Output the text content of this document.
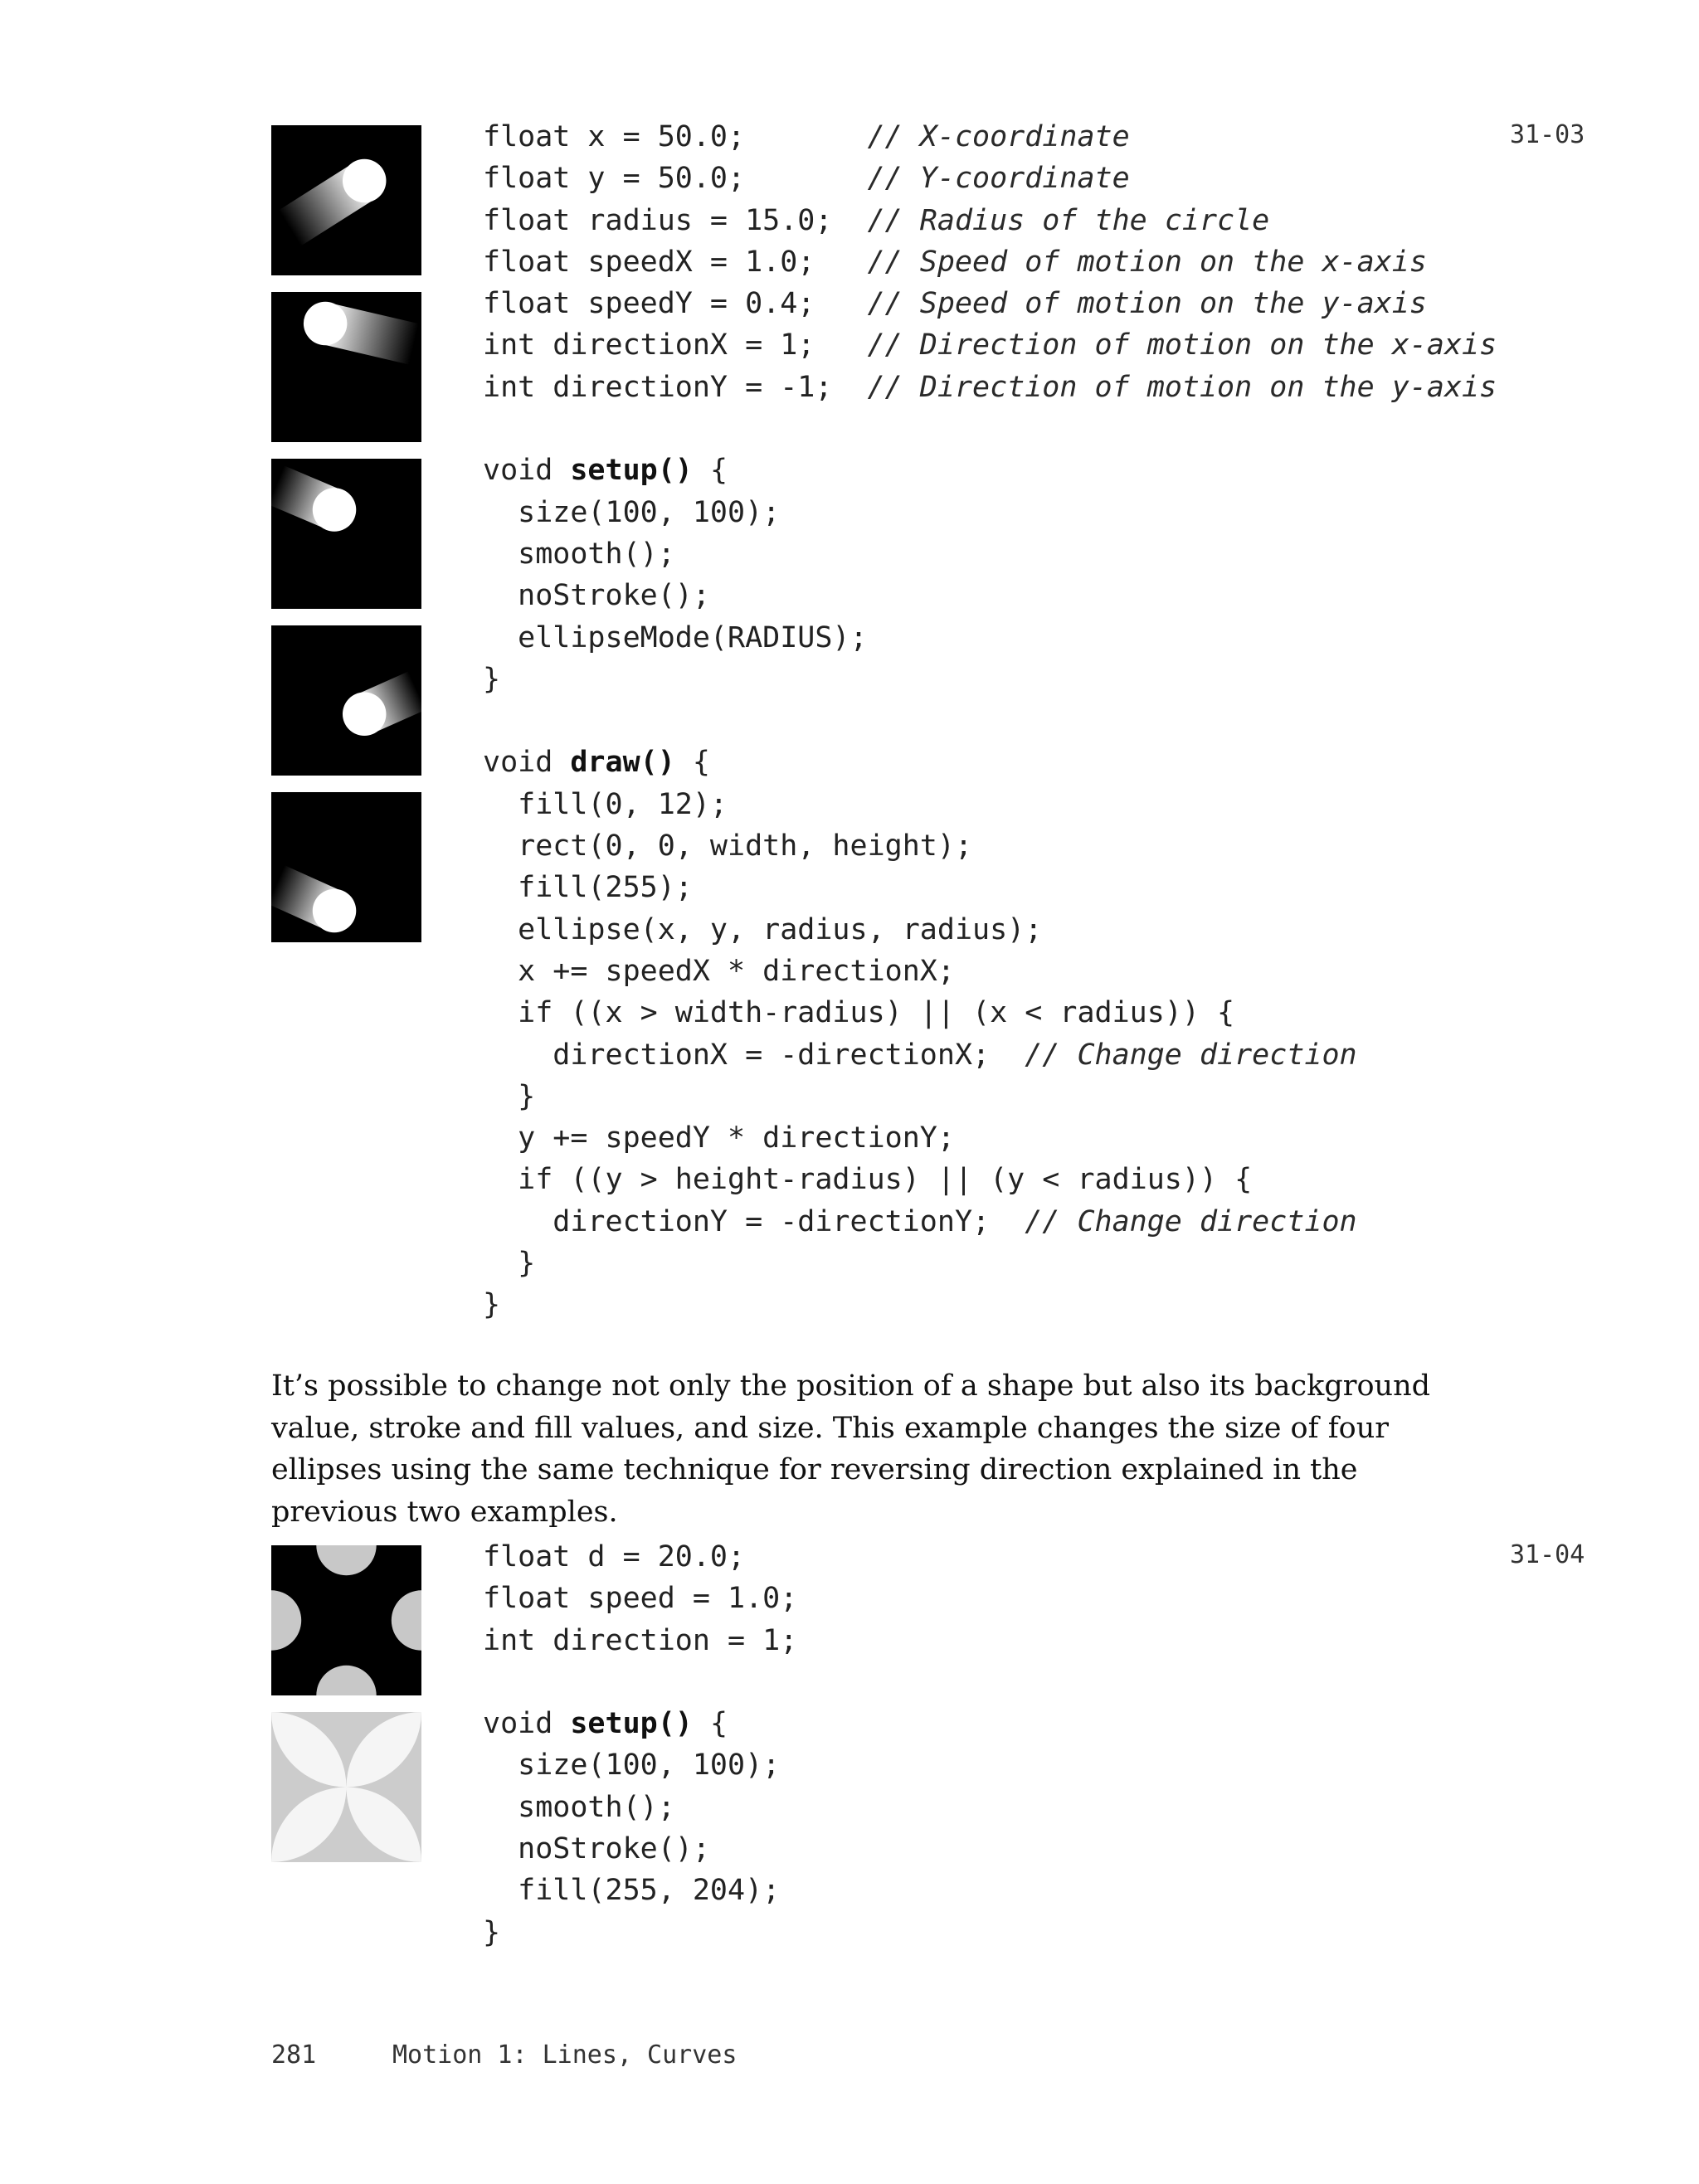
31-03
float x = 50.0;       // X-coordinate
float y = 50.0;       // Y-coordinate
float radius = 15.0;  // Radius of the circle
float speedX = 1.0;   // Speed of motion on the x-axis
float speedY = 0.4;   // Speed of motion on the y-axis
int directionX = 1;   // Direction of motion on the x-axis
int directionY = -1;  // Direction of motion on the y-axis
void setup() {
size(100, 100);
smooth();
noStroke();
ellipseMode(RADIUS);
}
void draw() {
fill(0, 12);
rect(0, 0, width, height);
fill(255);
ellipse(x, y, radius, radius);
x += speedX * directionX;
if ((x > width-radius) || (x < radius)) {
directionX = -directionX;  // Change direction
}
y += speedY * directionY;
if ((y > height-radius) || (y < radius)) {
directionY = -directionY;  // Change direction
}
}

It’s possible to change not only the position of a shape but also its background value, stroke and fill values, and size. This example changes the size of four ellipses using the same technique for reversing direction explained in the previous two examples.

31-04
float d = 20.0;
float speed = 1.0;
int direction = 1;
void setup() {
size(100, 100);
smooth();
noStroke();
fill(255, 204);
}
281	Motion 1: Lines, Curves
